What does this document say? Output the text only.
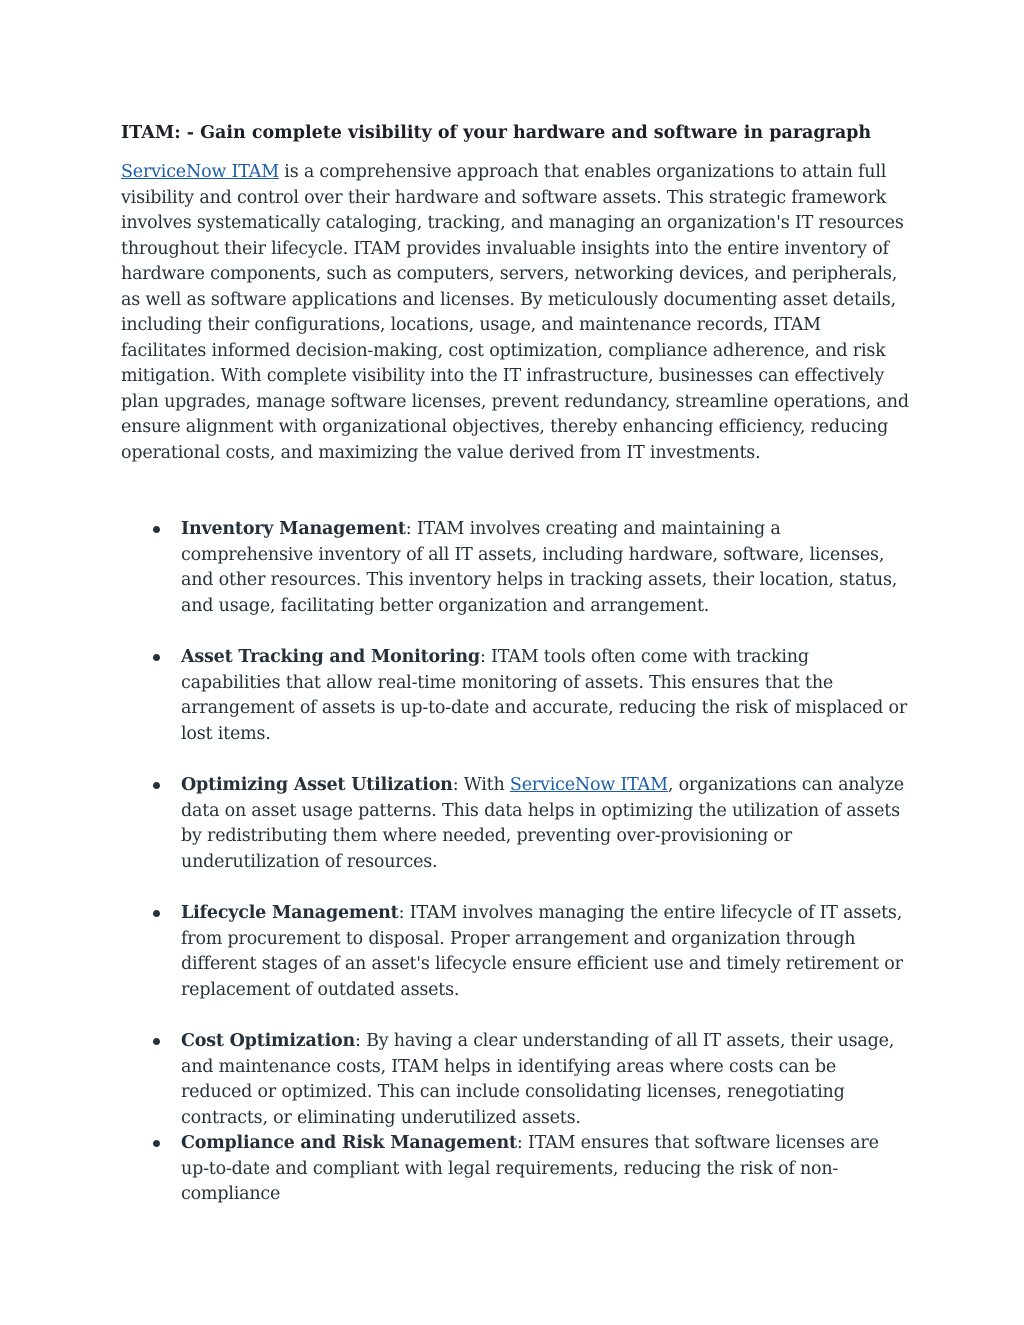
ITAM: - Gain complete visibility of your hardware and software in paragraph

ServiceNow ITAM is a comprehensive approach that enables organizations to attain full visibility and control over their hardware and software assets. This strategic framework involves systematically cataloging, tracking, and managing an organization's IT resources throughout their lifecycle. ITAM provides invaluable insights into the entire inventory of hardware components, such as computers, servers, networking devices, and peripherals, as well as software applications and licenses. By meticulously documenting asset details, including their configurations, locations, usage, and maintenance records, ITAM facilitates informed decision-making, cost optimization, compliance adherence, and risk mitigation. With complete visibility into the IT infrastructure, businesses can effectively plan upgrades, manage software licenses, prevent redundancy, streamline operations, and ensure alignment with organizational objectives, thereby enhancing efficiency, reducing operational costs, and maximizing the value derived from IT investments.

Inventory Management: ITAM involves creating and maintaining a comprehensive inventory of all IT assets, including hardware, software, licenses, and other resources. This inventory helps in tracking assets, their location, status, and usage, facilitating better organization and arrangement.
Asset Tracking and Monitoring: ITAM tools often come with tracking capabilities that allow real-time monitoring of assets. This ensures that the arrangement of assets is up-to-date and accurate, reducing the risk of misplaced or lost items.
Optimizing Asset Utilization: With ServiceNow ITAM, organizations can analyze data on asset usage patterns. This data helps in optimizing the utilization of assets by redistributing them where needed, preventing over-provisioning or underutilization of resources.
Lifecycle Management: ITAM involves managing the entire lifecycle of IT assets, from procurement to disposal. Proper arrangement and organization through different stages of an asset's lifecycle ensure efficient use and timely retirement or replacement of outdated assets.
Cost Optimization: By having a clear understanding of all IT assets, their usage, and maintenance costs, ITAM helps in identifying areas where costs can be reduced or optimized. This can include consolidating licenses, renegotiating contracts, or eliminating underutilized assets.
Compliance and Risk Management: ITAM ensures that software licenses are up-to-date and compliant with legal requirements, reducing the risk of non-compliance
